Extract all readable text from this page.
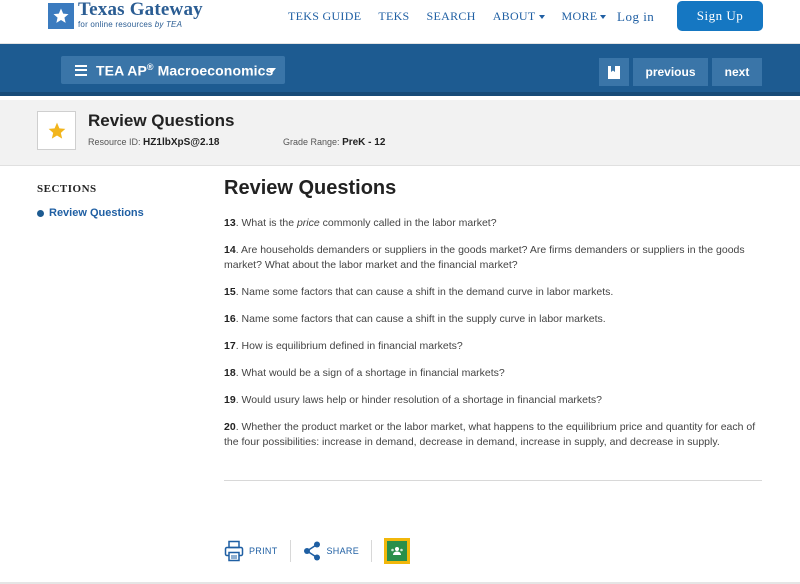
Texas Gateway
for online resources by TEA
TEKS GUIDE TEKS SEARCH ABOUT MORE Log in	Sign Up
TEA AP® Macroeconomics	previous	next
Review Questions
Resource ID: HZ1lbXpS@2.18	Grade Range: PreK - 12
SECTIONS
Review Questions
Review Questions

13. What is the price commonly called in the labor market?

14. Are households demanders or suppliers in the goods market? Are firms demanders or suppliers in the goods market? What about the labor market and the financial market?

15. Name some factors that can cause a shift in the demand curve in labor markets.

16. Name some factors that can cause a shift in the supply curve in labor markets.

17. How is equilibrium defined in financial markets?

18. What would be a sign of a shortage in financial markets?

19. Would usury laws help or hinder resolution of a shortage in financial markets?

20. Whether the product market or the labor market, what happens to the equilibrium price and quantity for each of the four possibilities: increase in demand, decrease in demand, increase in supply, and decrease in supply.

PRINT	SHARE
